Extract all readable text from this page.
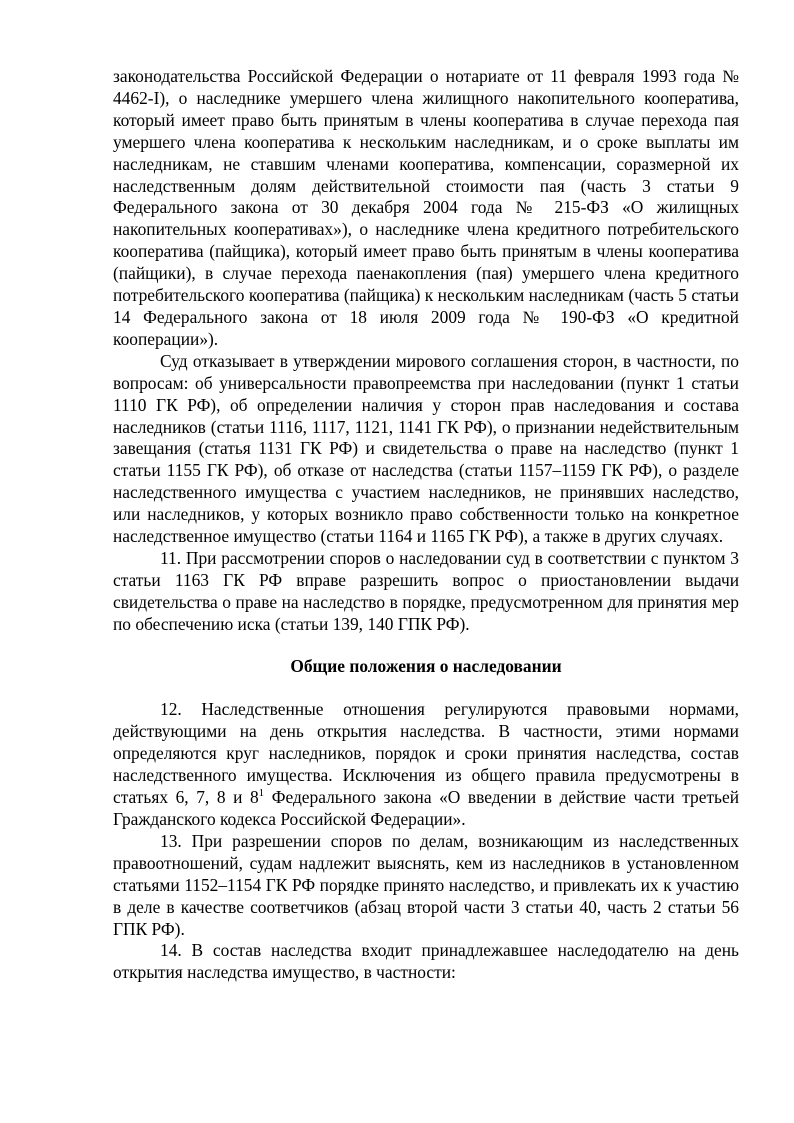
законодательства Российской Федерации о нотариате от 11 февраля 1993 года № 4462-I), о наследнике умершего члена жилищного накопительного кооператива, который имеет право быть принятым в члены кооператива в случае перехода пая умершего члена кооператива к нескольким наследникам, и о сроке выплаты им наследникам, не ставшим членами кооператива, компенсации, соразмерной их наследственным долям действительной стоимости пая (часть 3 статьи 9 Федерального закона от 30 декабря 2004 года № 215-ФЗ «О жилищных накопительных кооперативах»), о наследнике члена кредитного потребительского кооператива (пайщика), который имеет право быть принятым в члены кооператива (пайщики), в случае перехода паенакопления (пая) умершего члена кредитного потребительского кооператива (пайщика) к нескольким наследникам (часть 5 статьи 14 Федерального закона от 18 июля 2009 года № 190-ФЗ «О кредитной кооперации»).

Суд отказывает в утверждении мирового соглашения сторон, в частности, по вопросам: об универсальности правопреемства при наследовании (пункт 1 статьи 1110 ГК РФ), об определении наличия у сторон прав наследования и состава наследников (статьи 1116, 1117, 1121, 1141 ГК РФ), о признании недействительным завещания (статья 1131 ГК РФ) и свидетельства о праве на наследство (пункт 1 статьи 1155 ГК РФ), об отказе от наследства (статьи 1157–1159 ГК РФ), о разделе наследственного имущества с участием наследников, не принявших наследство, или наследников, у которых возникло право собственности только на конкретное наследственное имущество (статьи 1164 и 1165 ГК РФ), а также в других случаях.

11. При рассмотрении споров о наследовании суд в соответствии с пунктом 3 статьи 1163 ГК РФ вправе разрешить вопрос о приостановлении выдачи свидетельства о праве на наследство в порядке, предусмотренном для принятия мер по обеспечению иска (статьи 139, 140 ГПК РФ).

Общие положения о наследовании

12. Наследственные отношения регулируются правовыми нормами, действующими на день открытия наследства. В частности, этими нормами определяются круг наследников, порядок и сроки принятия наследства, состав наследственного имущества. Исключения из общего правила предусмотрены в статьях 6, 7, 8 и $8^1$ Федерального закона «О введении в действие части третьей Гражданского кодекса Российской Федерации».

13. При разрешении споров по делам, возникающим из наследственных правоотношений, судам надлежит выяснять, кем из наследников в установленном статьями 1152–1154 ГК РФ порядке принято наследство, и привлекать их к участию в деле в качестве соответчиков (абзац второй части 3 статьи 40, часть 2 статьи 56 ГПК РФ).

14. В состав наследства входит принадлежавшее наследодателю на день открытия наследства имущество, в частности:
